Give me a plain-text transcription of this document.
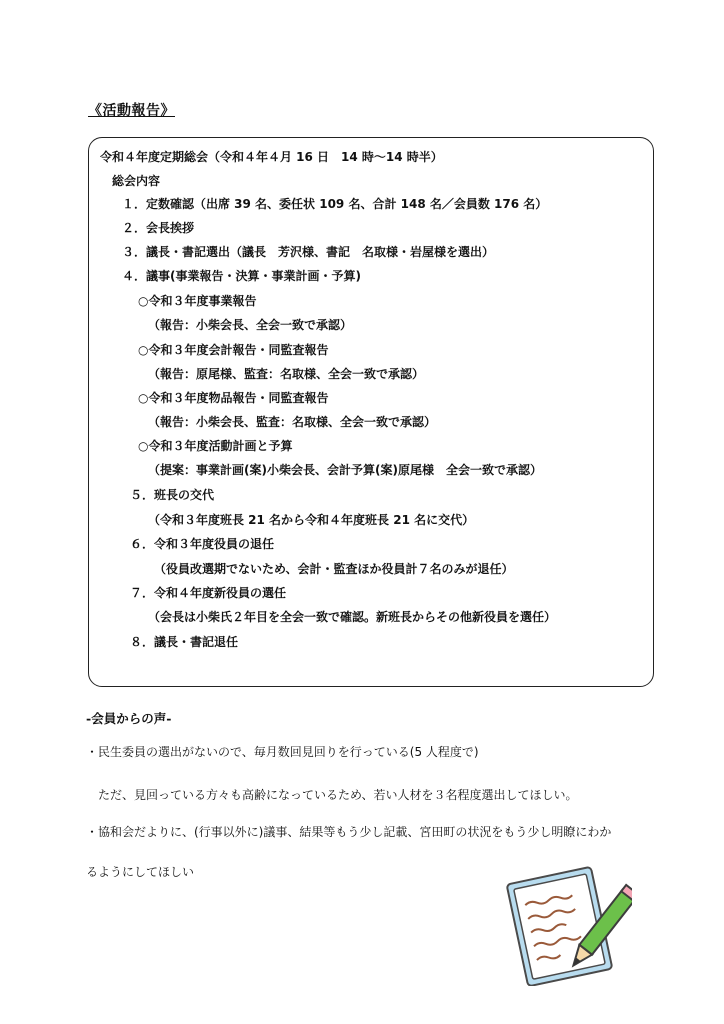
《活動報告》
令和４年度定期総会（令和４年４月 16 日　14 時～14 時半）
総会内容
１．定数確認（出席 39 名、委任状 109 名、合計 148 名／会員数 176 名）
２．会長挨拶
３．議長・書記選出（議長　芳沢様、書記　名取様・岩屋様を選出）
４．議事(事業報告・決算・事業計画・予算)
○令和３年度事業報告
（報告：小柴会長、全会一致で承認）
○令和３年度会計報告・同監査報告
（報告：原尾様、監査：名取様、全会一致で承認）
○令和３年度物品報告・同監査報告
（報告：小柴会長、監査：名取様、全会一致で承認）
○令和３年度活動計画と予算
（提案：事業計画(案)小柴会長、会計予算(案)原尾様　全会一致で承認）
５．班長の交代
（令和３年度班長 21 名から令和４年度班長 21 名に交代）
６．令和３年度役員の退任
（役員改選期でないため、会計・監査ほか役員計７名のみが退任）
７．令和４年度新役員の選任
（会長は小柴氏２年目を全会一致で確認。新班長からその他新役員を選任）
８．議長・書記退任
-会員からの声-
・民生委員の選出がないので、毎月数回見回りを行っている(5 人程度で)
　ただ、見回っている方々も高齢になっているため、若い人材を３名程度選出してほしい。
・協和会だよりに、(行事以外に)議事、結果等もう少し記載、宮田町の状況をもう少し明瞭にわか
るようにしてほしい
